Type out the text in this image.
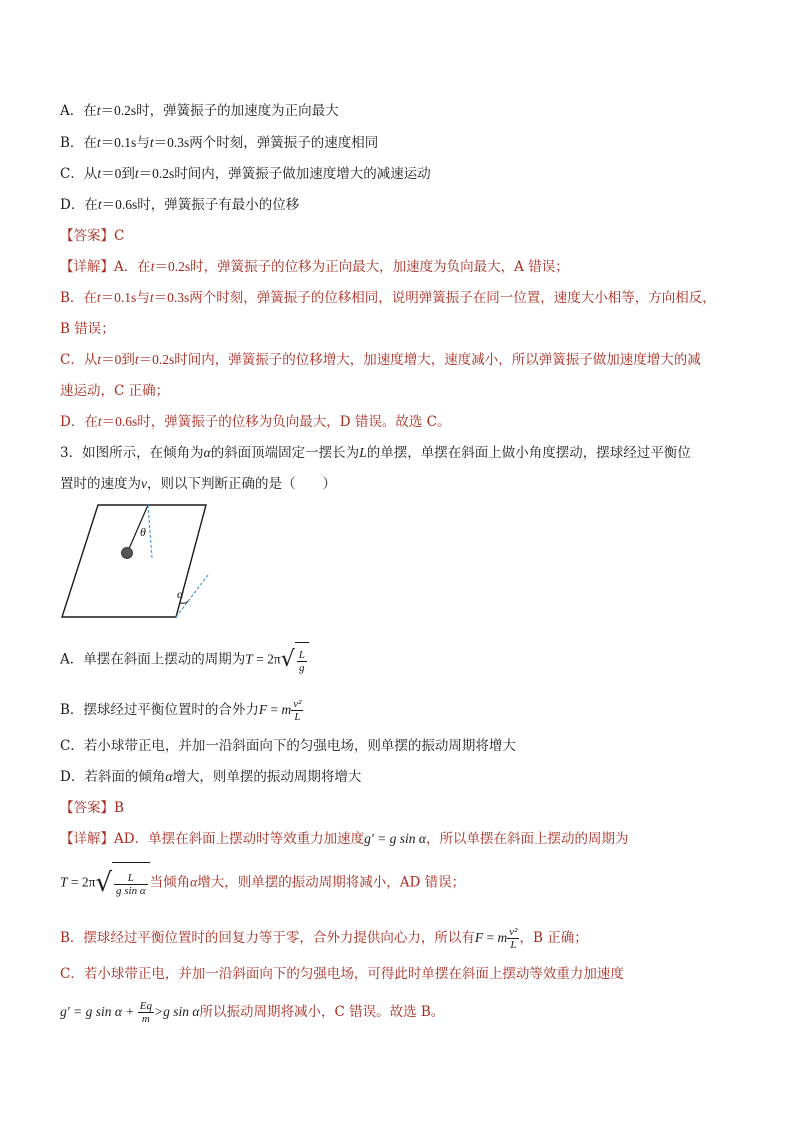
A．在t＝0.2s时，弹簧振子的加速度为正向最大
B．在t＝0.1s与t＝0.3s两个时刻，弹簧振子的速度相同
C．从t＝0到t＝0.2s时间内，弹簧振子做加速度增大的减速运动
D．在t＝0.6s时，弹簧振子有最小的位移
【答案】C
【详解】A．在t＝0.2s时，弹簧振子的位移为正向最大，加速度为负向最大，A 错误；
B．在t＝0.1s与t＝0.3s两个时刻，弹簧振子的位移相同，说明弹簧振子在同一位置，速度大小相等，方向相反，
B 错误；
C．从t＝0到t＝0.2s时间内，弹簧振子的位移增大，加速度增大，速度减小，所以弹簧振子做加速度增大的减
速运动，C 正确；
D．在t＝0.6s时，弹簧振子的位移为负向最大，D 错误。故选 C。
3．如图所示，在倾角为α的斜面顶端固定一摆长为L的单摆，单摆在斜面上做小角度摆动，摆球经过平衡位
置时的速度为v，则以下判断正确的是（　　）
θ
α
A．单摆在斜面上摆动的周期为$T = 2\pi√ \frac{L}{g}$
B．摆球经过平衡位置时的合外力F = m $\frac{\text{v²}}{L}$
C．若小球带正电，并加一沿斜面向下的匀强电场，则单摆的振动周期将增大
D．若斜面的倾角α增大，则单摆的振动周期将增大
【答案】B
【详解】AD．单摆在斜面上摆动时等效重力加速度g′ = g sin α，所以单摆在斜面上摆动的周期为
$T = 2\pi√ \frac{L}{\text{g sin α}}$ 当倾角α增大，则单摆的振动周期将减小，AD 错误；
B．摆球经过平衡位置时的回复力等于零，合外力提供向心力，所以有F = m $\frac{\text{v²}}{L}$ ，B 正确；
C．若小球带正电，并加一沿斜面向下的匀强电场，可得此时单摆在斜面上摆动等效重力加速度
g′ = g $\sin \alpha + \frac{Eq}{m} >g$ sin α所以振动周期将减小，C 错误。故选 B。
